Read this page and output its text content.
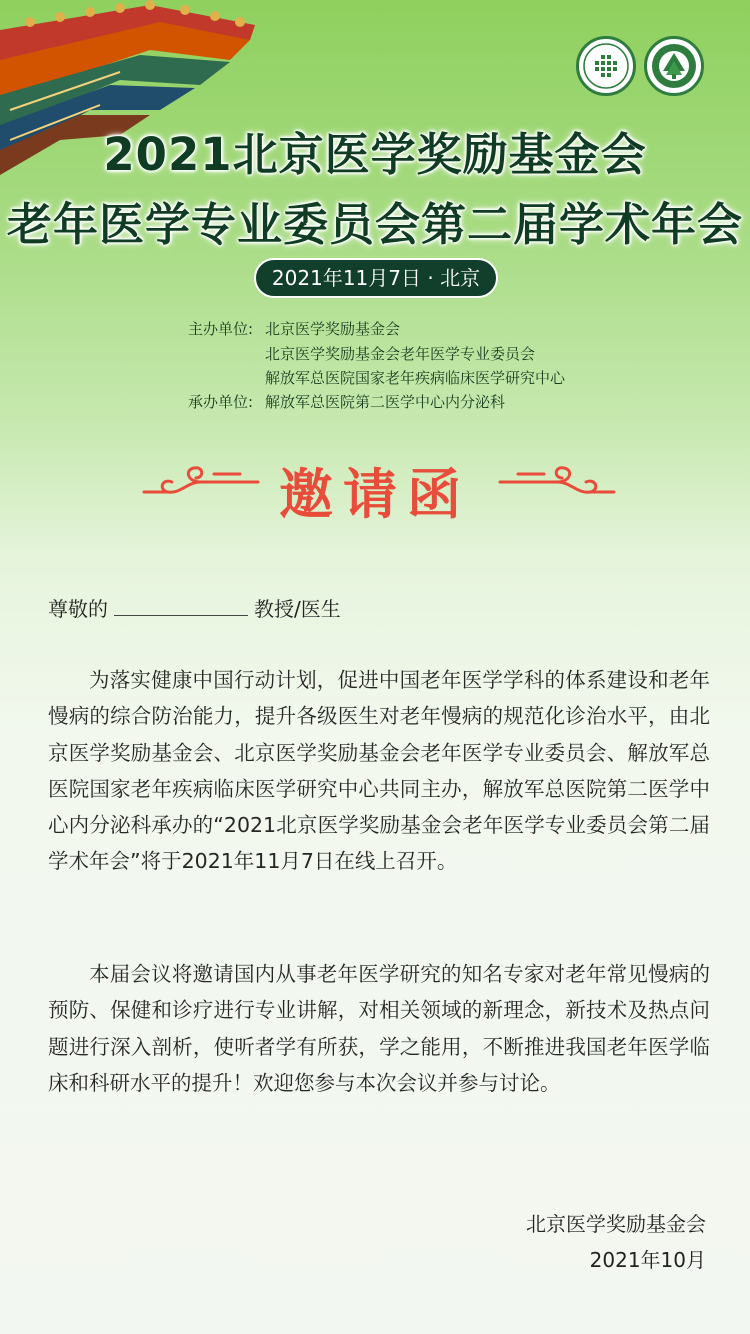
2021北京医学奖励基金会
老年医学专业委员会第二届学术年会
2021年11月7日 · 北京
主办单位: 北京医学奖励基金会
北京医学奖励基金会老年医学专业委员会
解放军总医院国家老年疾病临床医学研究中心
承办单位: 解放军总医院第二医学中心内分泌科
邀请函
尊敬的	教授/医生

为落实健康中国行动计划，促进中国老年医学学科的体系建设和老年慢病的综合防治能力，提升各级医生对老年慢病的规范化诊治水平，由北京医学奖励基金会、北京医学奖励基金会老年医学专业委员会、解放军总医院国家老年疾病临床医学研究中心共同主办，解放军总医院第二医学中心内分泌科承办的“2021北京医学奖励基金会老年医学专业委员会第二届学术年会”将于2021年11月7日在线上召开。

本届会议将邀请国内从事老年医学研究的知名专家对老年常见慢病的预防、保健和诊疗进行专业讲解，对相关领域的新理念，新技术及热点问题进行深入剖析，使听者学有所获，学之能用，不断推进我国老年医学临床和科研水平的提升！欢迎您参与本次会议并参与讨论。

北京医学奖励基金会
2021年10月
